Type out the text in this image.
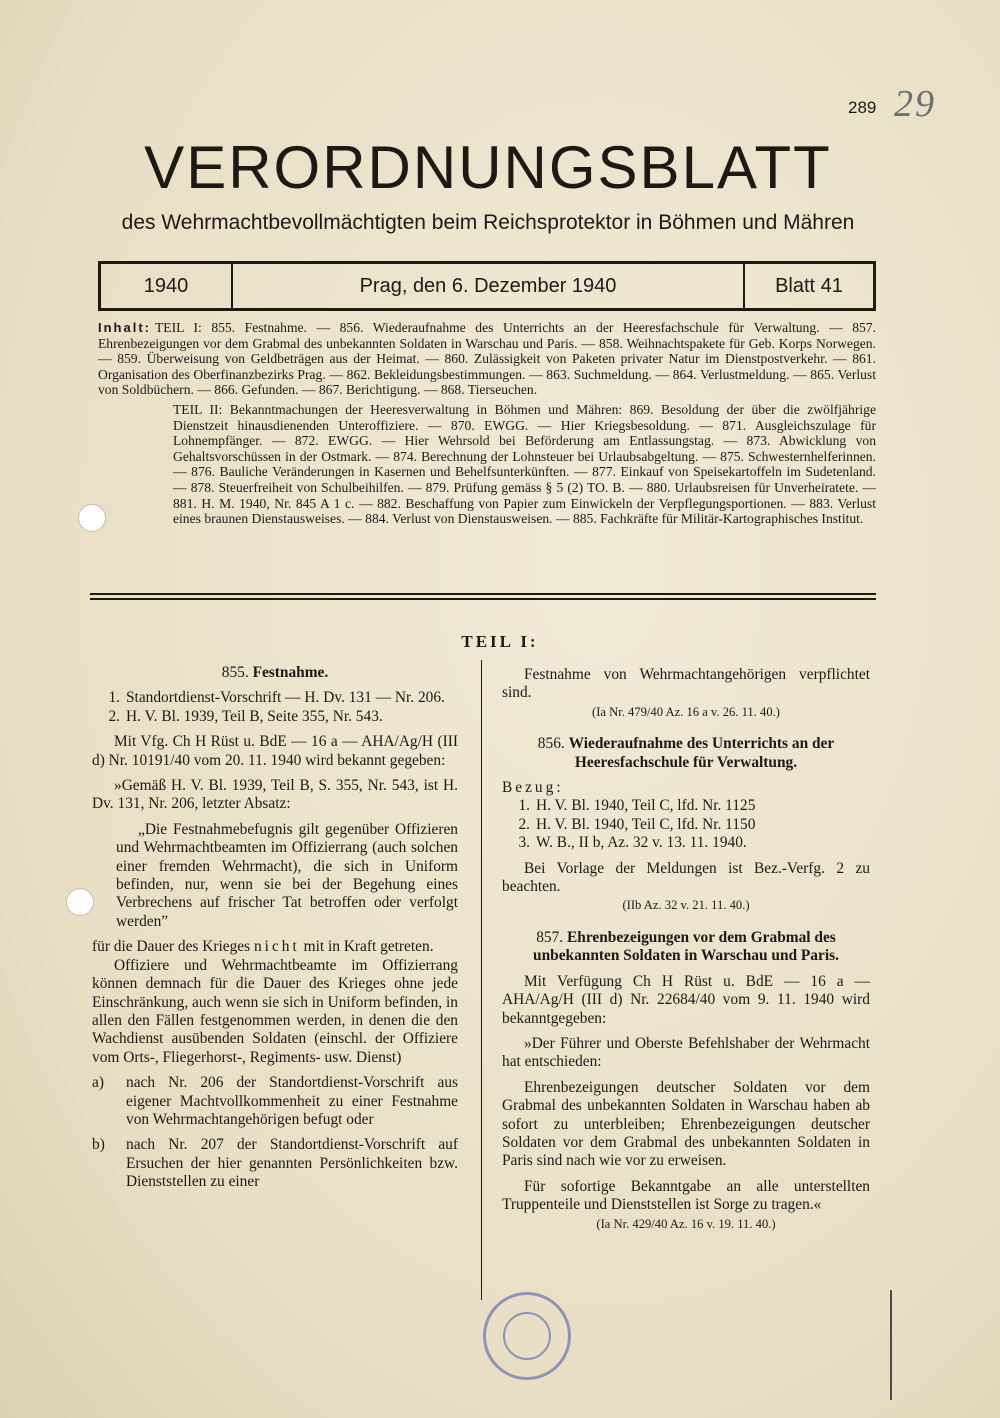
289 29
VERORDNUNGSBLATT
des Wehrmachtbevollmächtigten beim Reichsprotektor in Böhmen und Mähren
1940	Prag, den 6. Dezember 1940	Blatt 41

Inhalt: TEIL I: 855. Festnahme. — 856. Wiederaufnahme des Unterrichts an der Heeresfachschule für Verwaltung. — 857. Ehrenbezeigungen vor dem Grabmal des unbekannten Soldaten in Warschau und Paris. — 858. Weihnachtspakete für Geb. Korps Norwegen. — 859. Überweisung von Geldbeträgen aus der Heimat. — 860. Zulässigkeit von Paketen privater Natur im Dienstpostverkehr. — 861. Organisation des Oberfinanzbezirks Prag. — 862. Bekleidungsbestimmungen. — 863. Suchmeldung. — 864. Verlustmeldung. — 865. Verlust von Soldbüchern. — 866. Gefunden. — 867. Berichtigung. — 868. Tierseuchen.

TEIL II: Bekanntmachungen der Heeresverwaltung in Böhmen und Mähren: 869. Besoldung der über die zwölfjährige Dienstzeit hinausdienenden Unteroffiziere. — 870. EWGG. — Hier Kriegsbesoldung. — 871. Ausgleichszulage für Lohnempfänger. — 872. EWGG. — Hier Wehrsold bei Beförderung am Entlassungstag. — 873. Abwicklung von Gehaltsvorschüssen in der Ostmark. — 874. Berechnung der Lohnsteuer bei Urlaubsabgeltung. — 875. Schwesternhelferinnen. — 876. Bauliche Veränderungen in Kasernen und Behelfsunterkünften. — 877. Einkauf von Speisekartoffeln im Sudetenland. — 878. Steuerfreiheit von Schulbeihilfen. — 879. Prüfung gemäss § 5 (2) TO. B. — 880. Urlaubsreisen für Unverheiratete. — 881. H. M. 1940, Nr. 845 A 1 c. — 882. Beschaffung von Papier zum Einwickeln der Verpflegungsportionen. — 883. Verlust eines braunen Dienstausweises. — 884. Verlust von Dienstausweisen. — 885. Fachkräfte für Militär-Kartographisches Institut.

TEIL I:

855. Festnahme.

1. Standortdienst-Vorschrift — H. Dv. 131 — Nr. 206.
2. H. V. Bl. 1939, Teil B, Seite 355, Nr. 543.

Mit Vfg. Ch H Rüst u. BdE — 16 a — AHA/Ag/H (III d) Nr. 10191/40 vom 20. 11. 1940 wird bekannt gegeben:

»Gemäß H. V. Bl. 1939, Teil B, S. 355, Nr. 543, ist H. Dv. 131, Nr. 206, letzter Absatz:

„Die Festnahmebefugnis gilt gegenüber Offizieren und Wehrmachtbeamten im Offizierrang (auch solchen einer fremden Wehrmacht), die sich in Uniform befinden, nur, wenn sie bei der Begehung eines Verbrechens auf frischer Tat betroffen oder verfolgt werden”

für die Dauer des Krieges nicht mit in Kraft getreten.

Offiziere und Wehrmachtbeamte im Offizierrang können demnach für die Dauer des Krieges ohne jede Einschränkung, auch wenn sie sich in Uniform befinden, in allen den Fällen festgenommen werden, in denen die den Wachdienst ausübenden Soldaten (einschl. der Offiziere vom Orts-, Fliegerhorst-, Regiments- usw. Dienst)

a)	nach Nr. 206 der Standortdienst-Vorschrift aus eigener Machtvollkommenheit zu einer Festnahme von Wehrmachtangehörigen befugt oder
b)	nach Nr. 207 der Standortdienst-Vorschrift auf Ersuchen der hier genannten Persönlichkeiten bzw. Dienststellen zu einer

Festnahme von Wehrmachtangehörigen verpflichtet sind.

(Ia Nr. 479/40 Az. 16 a v. 26. 11. 40.)

856. Wiederaufnahme des Unterrichts an der Heeresfachschule für Verwaltung.

Bezug:

1. H. V. Bl. 1940, Teil C, lfd. Nr. 1125
2. H. V. Bl. 1940, Teil C, lfd. Nr. 1150
3. W. B., II b, Az. 32 v. 13. 11. 1940.

Bei Vorlage der Meldungen ist Bez.-Verfg. 2 zu beachten.

(IIb Az. 32 v. 21. 11. 40.)

857. Ehrenbezeigungen vor dem Grabmal des unbekannten Soldaten in Warschau und Paris.

Mit Verfügung Ch H Rüst u. BdE — 16 a — AHA/Ag/H (III d) Nr. 22684/40 vom 9. 11. 1940 wird bekanntgegeben:

»Der Führer und Oberste Befehlshaber der Wehrmacht hat entschieden:

Ehrenbezeigungen deutscher Soldaten vor dem Grabmal des unbekannten Soldaten in Warschau haben ab sofort zu unterbleiben; Ehrenbezeigungen deutscher Soldaten vor dem Grabmal des unbekannten Soldaten in Paris sind nach wie vor zu erweisen.

Für sofortige Bekanntgabe an alle unterstellten Truppenteile und Dienststellen ist Sorge zu tragen.«

(Ia Nr. 429/40 Az. 16 v. 19. 11. 40.)
